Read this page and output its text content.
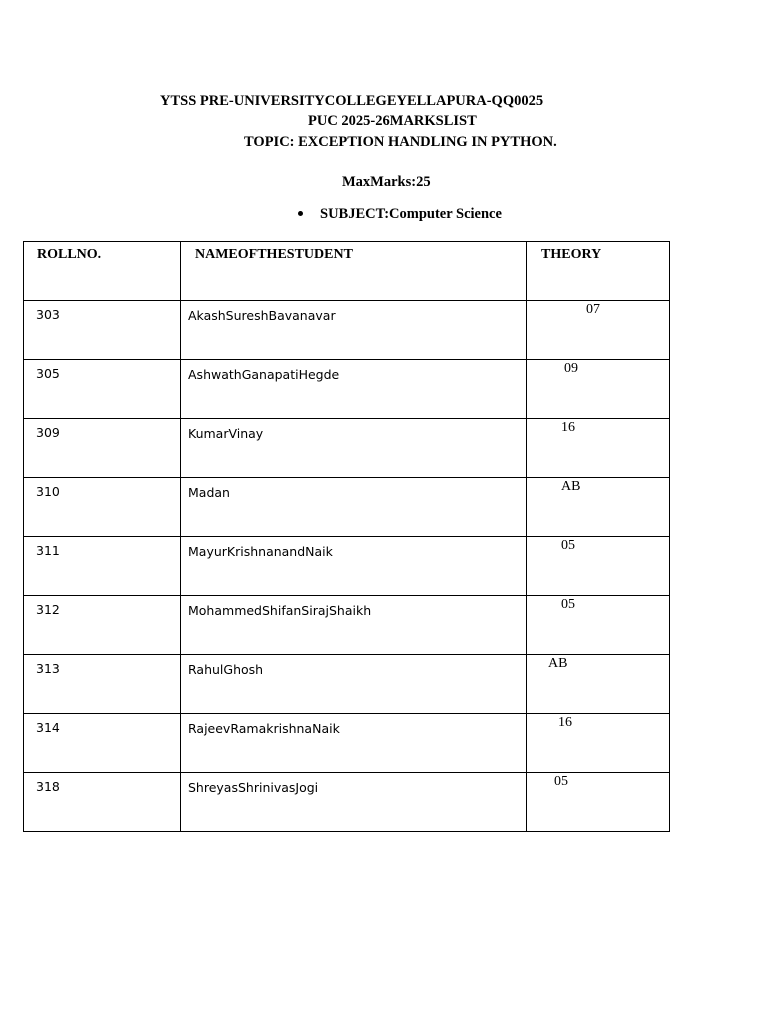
YTSS PRE-UNIVERSITYCOLLEGEYELLAPURA-QQ0025
PUC 2025-26MARKSLIST
TOPIC: EXCEPTION HANDLING IN PYTHON.
MaxMarks:25
SUBJECT:Computer Science
ROLLNO.	NAMEOFTHESTUDENT	THEORY

303	AkashSureshBavanavar	07

305	AshwathGanapatiHegde	09

309	KumarVinay	16

310	Madan	AB

311	MayurKrishnanandNaik	05

312	MohammedShifanSirajShaikh	05

313	RahulGhosh	AB

314	RajeevRamakrishnaNaik	16

318	ShreyasShrinivasJogi	05
